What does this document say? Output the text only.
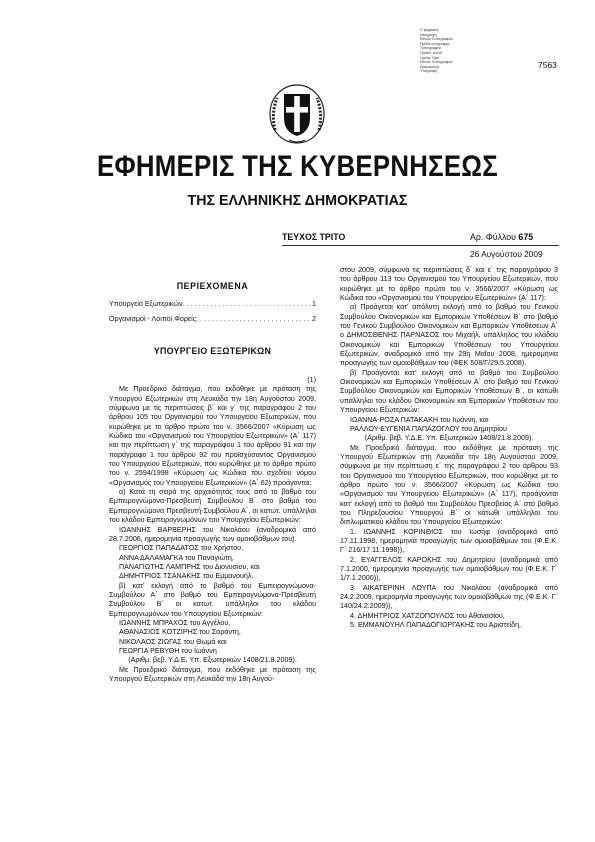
Ο ψηφιακός
υπογραφή
Εθνικό Τυπογραφείο
Ημ/νία υπογραφής
Τυπογραφείο
Προϊστ. Διεύθ.
Ημ/νία, Ώρα
Εθνικό Τυπογραφείο
Ημερομηνία
Υπογραφή
7563
ΕΦΗΜΕΡΙΣ ΤΗΣ ΚΥΒΕΡΝΗΣΕΩΣ
ΤΗΣ ΕΛΛΗΝΙΚΗΣ ΔΗΜΟΚΡΑΤΙΑΣ
ΤΕΥΧΟΣ ΤΡΙΤΟ	Αρ. Φύλλου 675
26 Αυγούστου 2009
ΠΕΡΙΕΧΟΜΕΝΑ
Υπουργείο Εξωτερικών . . .	1
Οργανισμοί - Λοιποί Φορείς . . .	2
ΥΠΟΥΡΓΕΙΟ ΕΞΩΤΕΡΙΚΩΝ

(1)

Με Προεδρικό διάταγμα, που εκδόθηκε με πρόταση της Υπουργού Εξωτερικών στη Λευκάδα την 18η Αυγούστου 2009, σύμφωνα με τις περιπτώσεις β΄ και γ΄ της παραγράφου 2 του άρθρου 105 του Οργανισμού του Υπουργείου Εξωτερικών, που κυρώθηκε με το άρθρο πρώτο του ν. 3566/2007 «Κύρωση ως Κώδικα του «Οργανισμού του Υπουργείου Εξωτερικών» (Α΄ 117) και την περίπτωση γ΄ της παραγράφου 1 του άρθρου 91 και την παράγραφο 1 του άρθρου 92 του προϊσχύσαντος Οργανισμού του Υπουργείου Εξωτερικών, που κυρώθηκε με το άρθρο πρώτο του ν. 2594/1998 «Κύρωση ως Κώδικα του σχεδίου νόμου «Οργανισμός του Υπουργείου Εξωτερικών» (Α΄ 62) προάγονται:

α) Κατά τη σειρά της αρχαιότητάς τους από το βαθμό του Εμπειρογνώμονα-Πρεσβευτή Συμβούλου Β΄ στο βαθμό του Εμπειρογνώμονα Πρεσβευτή-Συμβούλου Α΄, οι κατωτ. υπάλληλοι του κλάδου Εμπειρογνωμόνων του Υπουργείου Εξωτερικών:

ΙΩΑΝΝΗΣ ΒΑΡΒΕΡΗΣ του Νικολάου (αναδρομικά από 28.7.2006, ημερομηνία προαγωγής των ομοιοβάθμων του).

ΓΕΩΡΓΙΟΣ ΠΑΠΑΔΑΤΟΣ του Χρήστου,

ΑΝΝΑ ΔΑΛΑΜΑΓΚΑ του Παναγιώτη,

ΠΑΝΑΓΙΩΤΗΣ ΛΑΜΠΡΗΣ του Διονυσίου, και

ΔΗΜΗΤΡΙΟΣ ΤΣΑΝΑΚΗΣ του Εμμανουήλ.

β) κατ’ εκλογή από το βαθμό του Εμπειρογνώμονα-Συμβούλου Α΄ στο βαθμό του Εμπειρογνώμονα-Πρεσβευτή Συμβούλου Β΄ οι κατωτ. υπάλληλοι του κλάδου Εμπειρογνωμόνων του Υπουργείου Εξωτερικών:

ΙΩΑΝΝΗΣ ΜΠΡΑΧΟΣ του Αγγέλου,

ΑΘΑΝΑΣΙΟΣ ΚΟΤΖΙΡΗΣ του Σαράντη,

ΝΙΚΟΛΑΟΣ ΖΙΩΓΑΣ του Θωμά και

ΓΕΩΡΓΙΑ ΡΕΒΥΘΗ του Ιωάννη

(Αριθμ. βεβ. Υ.Δ.Ε. Υπ. Εξωτερικών 1408/21.8.2009).

Με Προεδρικό διάταγμα, που εκδόθηκε με πρόταση της Υπουργού Εξωτερικών στη Λευκάδα την 18η Αυγού-

στου 2009, σύμφωνα τις περιπτώσεις δ΄ και ε΄ της παραγράφου 3 του άρθρου 113 του Οργανισμού του Υπουργείου Εξωτερικών, που κυρώθηκε με το άρθρο πρώτο του ν. 3566/2007 «Κύρωση ως Κώδικα του «Οργανισμού του Υπουργείου Εξωτερικών» (Α΄ 117):

α) Προάγεται κατ’ απόλυτη εκλογή από το βαθμό του Γενικού Συμβούλου Οικονομικών και Εμπορικών Υποθέσεων Β΄ στο βαθμό του Γενικού Συμβούλου Οικονομικών και Εμπορικών Υποθέσεων Α΄ ο ΔΗΜΟΣΘΕΝΗΣ ΠΑΡΝΑΣΟΣ του Μιχαήλ, υπάλληλος του κλάδου Οικονομικών και Εμπορικών Υποθέσεων του Υπουργείου Εξωτερικών, αναδρομικά από την 29η Μαΐου 2008, ημερομηνία προαγωγής των ομοιοβάθμων του (ΦΕΚ 508/Γ/29.5.2008).

β) Προάγονται κατ’ εκλογή από το βαθμό του Συμβούλου Οικονομικών και Εμπορικών Υποθέσεων Α΄ στο βαθμό του Γενικού Συμβούλου Οικονομικών και Εμπορικών Υποθέσεων Β΄, οι κάτωθι υπάλληλοι του κλάδου Οικονομικών και Εμπορικών Υποθέσεων του Υπουργείου Εξωτερικών:

ΙΩΑΝΝΑ-ΡΟΖΑ ΠΑΤΑΚΑΚΗ του Ιωάννη, και

ΡΑΛΛΟΥ-ΕΥΓΕΝΙΑ ΠΑΠΑΖΟΓΛΟΥ του Δημητρίου

(Αριθμ. βεβ. Υ.Δ.Ε. Υπ. Εξωτερικών 1408/21.8.2009).

Με Προεδρικό διάταγμα, που εκδόθηκε με πρόταση της Υπουργού Εξωτερικών στη Λευκάδα την 18η Αυγούστου 2009, σύμφωνα με την περίπτωση ε΄ της παραγράφου 2 του άρθρου 93 του Οργανισμού του Υπουργείου Εξωτερικών, που κυρώθηκε με το άρθρο πρώτο του ν. 3566/2007 «Κύρωση ως Κώδικα του «Οργανισμού του Υπουργείου Εξωτερικών» (Α΄ 117), προάγονται κατ’ εκλογή από το βαθμό του Συμβούλου Πρεσβείας Α΄ στο βαθμό του Πληρεξουσίου Υπουργού Β΄ οι κάτωθι υπάλληλοι του διπλωματικού κλάδου του Υπουργείου Εξωτερικών:

1. ΙΩΑΝΝΗΣ ΚΟΡΙΝΘΙΟΣ του Ιωσήφ (αναδρομικά από 17.11.1998, ημερομηνία προαγωγής των ομοιοβάθμων του (Φ.Ε.Κ. Γ΄ 216/17.11.1998)),

2. ΕΥΑΓΓΕΛΟΣ ΚΑΡΟΚΗΣ του Δημητρίου (αναδρομικά από 7.1.2000, ημερομηνία προαγωγής των ομοιοβάθμων του (Φ.Ε.Κ. Γ΄ 1/7.1.2000)),

3. ΑΙΚΑΤΕΡΙΝΗ ΛΟΥΠΑ του Νικολάου (αναδρομικά από 24.2.2009, ημερομηνία προαγωγής των ομοιοβάθμων της (Φ.Ε.Κ. Γ΄ 140/24.2.2009)),

4. ΔΗΜΗΤΡΙΟΣ ΧΑΤΖΟΠΟΥΛΟΣ του Αθανασίου,

5. ΕΜΜΑΝΟΥΗΛ ΠΑΠΑΔΟΓΙΩΡΓΑΚΗΣ του Αριστείδη,
